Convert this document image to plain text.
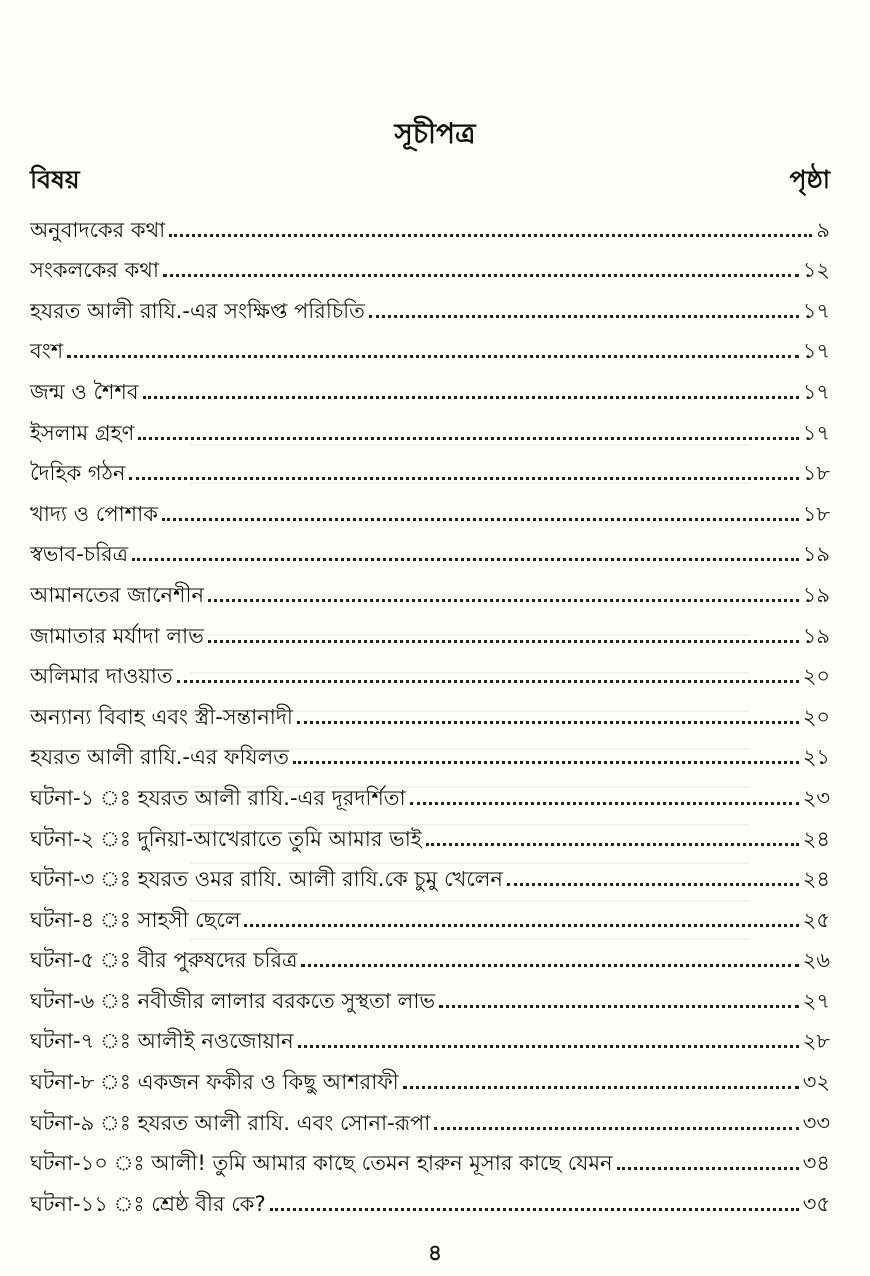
সূচীপত্র
বিষয়	পৃষ্ঠা
অনুবাদকের কথা	৯
সংকলকের কথা	১২
হযরত আলী রাযি.-এর সংক্ষিপ্ত পরিচিতি	১৭
বংশ	১৭
জন্ম ও শৈশব	১৭
ইসলাম গ্রহণ	১৭
দৈহিক গঠন	১৮
খাদ্য ও পোশাক	১৮
স্বভাব-চরিত্র	১৯
আমানতের জানেশীন	১৯
জামাতার মর্যাদা লাভ	১৯
অলিমার দাওয়াত	২০
অন্যান্য বিবাহ এবং স্ত্রী-সন্তানাদী	২০
হযরত আলী রাযি.-এর ফযিলত	২১
ঘটনা-১ ঃ হযরত আলী রাযি.-এর দূরদর্শিতা	২৩
ঘটনা-২ ঃ দুনিয়া-আখেরাতে তুমি আমার ভাই	২৪
ঘটনা-৩ ঃ হযরত ওমর রাযি. আলী রাযি.কে চুমু খেলেন	২৪
ঘটনা-৪ ঃ সাহসী ছেলে	২৫
ঘটনা-৫ ঃ বীর পুরুষদের চরিত্র	২৬
ঘটনা-৬ ঃ নবীজীর লালার বরকতে সুস্থতা লাভ	২৭
ঘটনা-৭ ঃ আলীই নওজোয়ান	২৮
ঘটনা-৮ ঃ একজন ফকীর ও কিছু আশরাফী	৩২
ঘটনা-৯ ঃ হযরত আলী রাযি. এবং সোনা-রূপা	৩৩
ঘটনা-১০ ঃ আলী! তুমি আমার কাছে তেমন হারুন মূসার কাছে যেমন	৩৪
ঘটনা-১১ ঃ শ্রেষ্ঠ বীর কে?	৩৫
৪
